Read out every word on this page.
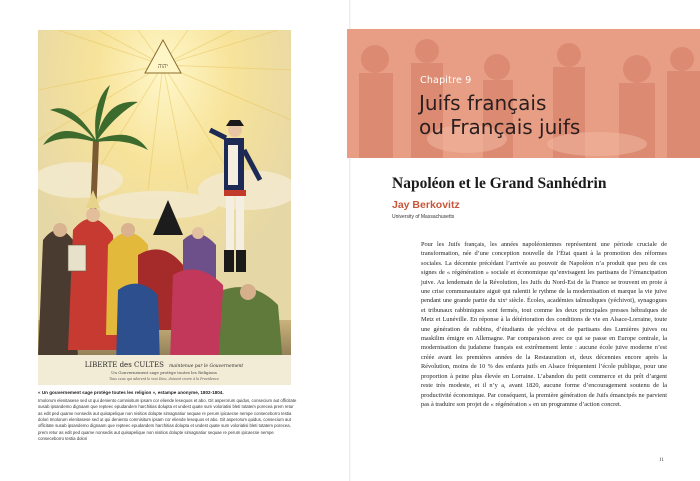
יהוה
LIBERTE des CULTES maintenue par le Gouvernement
Un Gouvernement sage protège toutes les Religions
Tous ceux qui adorent le vrai Dieu, doivent croire à la Providence

« Un gouvernement sage protège toutes les religion », estampe anonyme, 1802-1804.

Imolorum elenitasese sed ut qui deniento comnisitum ipsam cor eliende lesequos et abo. Git asperorum quidus, consecium aut officitate susab ipsandemo dignaam que repteec epudandem harchitias dolupta et undest quate sum voloriatisi bleti totatem porecea prem retur as edit ped quame nonsedis aut quisapelique non nisitios dolupte simagnatiur sequae re perum ipicaecse nempe conseceborro testia dolori Imolorum elenitasese sed ut qui deniento comnisitum ipsam cor eliende lesequos et abo. Git asperorum quidus, consecium aut officitate susab ipsandemo dignaam que repteec epudandem harchitias dolupta et undest quate sum voloriatisi bleti totatem porecea, prem retur as edit ped quame nonsedis aut quisapelique non nisitios dolupte simagnatiur sequae re perum ipicaecse nempe conseceborro testia dolori

Chapitre 9
Juifs français
ou Français juifs
Napoléon et le Grand Sanhédrin

Jay Berkovitz

University of Massachusetts

Pour les Juifs français, les années napoléoniennes représentent une période cruciale de transformation, née d’une conception nouvelle de l’État quant à la promotion des réformes sociales. La décennie précédant l’arrivée au pouvoir de Napoléon n’a produit que peu de ces signes de « régénération » sociale et économique qu’envisagent les partisans de l’émancipation juive. Au lendemain de la Révolution, les Juifs du Nord-Est de la France se trouvent en proie à une crise communautaire aiguë qui ralentit le rythme de la modernisation et marque la vie juive pendant une grande partie du xixᵉ siècle. Écoles, académies talmudiques (yéchivot), synagogues et tribunaux rabbiniques sont fermés, tout comme les deux principales presses hébraïques de Metz et Lunéville. En réponse à la détérioration des conditions de vie en Alsace-Lorraine, toute une génération de rabbins, d’étudiants de yéchiva et de partisans des Lumières juives ou maskilim émigre en Allemagne. Par comparaison avec ce qui se passe en Europe centrale, la modernisation du judaïsme français est extrêmement lente : aucune école juive moderne n’est créée avant les premières années de la Restauration et, deux décennies encore après la Révolution, moins de 10 % des enfants juifs en Alsace fréquentent l’école publique, pour une proportion à peine plus élevée en Lorraine. L’abandon du petit commerce et du prêt d’argent reste très modeste, et il n’y a, avant 1820, aucune forme d’encouragement soutenu de la productivité économique. Par conséquent, la première génération de Juifs émancipés ne parvient pas à traduire son projet de « régénération » en un programme d’action concret.

11
